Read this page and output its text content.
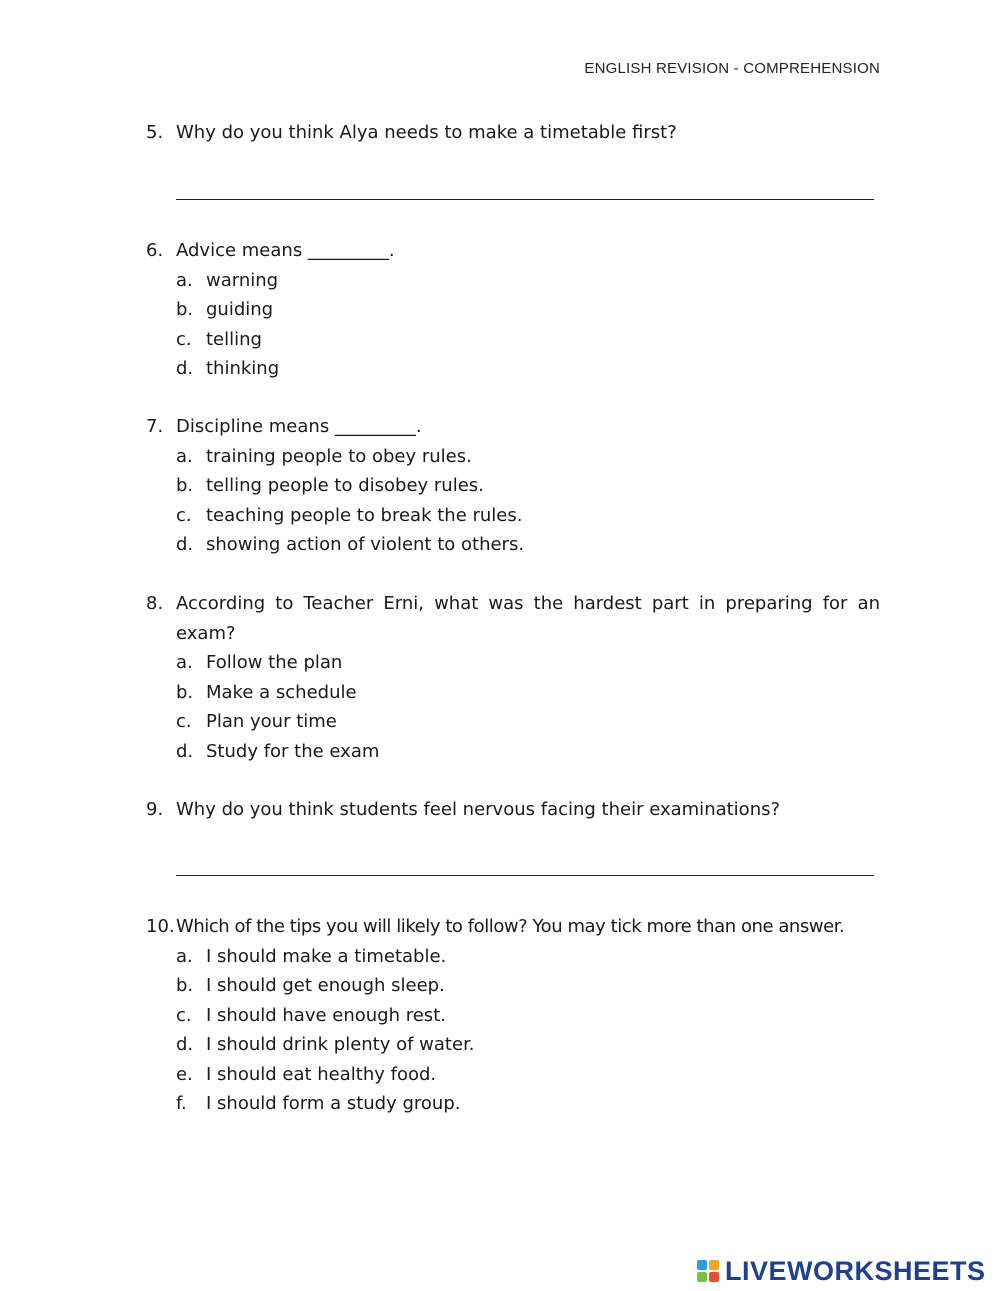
ENGLISH REVISION - COMPREHENSION
5. Why do you think Alya needs to make a timetable first?
6. Advice means _________.
a. warning
b. guiding
c. telling
d. thinking
7. Discipline means _________.
a. training people to obey rules.
b. telling people to disobey rules.
c. teaching people to break the rules.
d. showing action of violent to others.
8. According to Teacher Erni, what was the hardest part in preparing for an exam?
a. Follow the plan
b. Make a schedule
c. Plan your time
d. Study for the exam
9. Why do you think students feel nervous facing their examinations?
10. Which of the tips you will likely to follow? You may tick more than one answer.
a. I should make a timetable.
b. I should get enough sleep.
c. I should have enough rest.
d. I should drink plenty of water.
e. I should eat healthy food.
f.	I should form a study group.
LIVEWORKSHEETS
